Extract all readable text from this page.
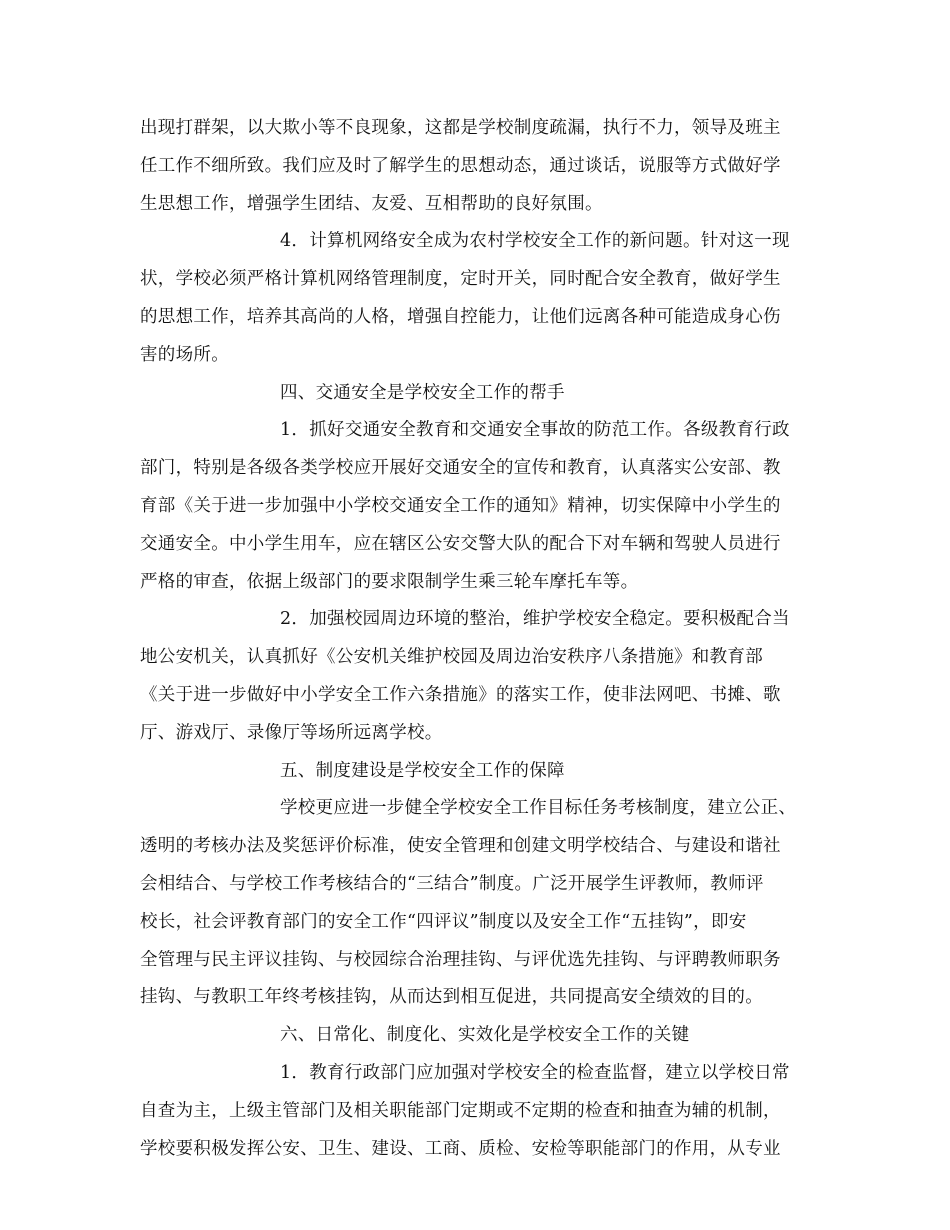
出现打群架，以大欺小等不良现象，这都是学校制度疏漏，执行不力，领导及班主
任工作不细所致。我们应及时了解学生的思想动态，通过谈话，说服等方式做好学
生思想工作，增强学生团结、友爱、互相帮助的良好氛围。
4．计算机网络安全成为农村学校安全工作的新问题。针对这一现
状，学校必须严格计算机网络管理制度，定时开关，同时配合安全教育，做好学生
的思想工作，培养其高尚的人格，增强自控能力，让他们远离各种可能造成身心伤
害的场所。
四、交通安全是学校安全工作的帮手
1．抓好交通安全教育和交通安全事故的防范工作。各级教育行政
部门，特别是各级各类学校应开展好交通安全的宣传和教育，认真落实公安部、教
育部《关于进一步加强中小学校交通安全工作的通知》精神，切实保障中小学生的
交通安全。中小学生用车，应在辖区公安交警大队的配合下对车辆和驾驶人员进行
严格的审查，依据上级部门的要求限制学生乘三轮车摩托车等。
2．加强校园周边环境的整治，维护学校安全稳定。要积极配合当
地公安机关，认真抓好《公安机关维护校园及周边治安秩序八条措施》和教育部
《关于进一步做好中小学安全工作六条措施》的落实工作，使非法网吧、书摊、歌
厅、游戏厅、录像厅等场所远离学校。
五、制度建设是学校安全工作的保障
学校更应进一步健全学校安全工作目标任务考核制度，建立公正、
透明的考核办法及奖惩评价标准，使安全管理和创建文明学校结合、与建设和谐社
会相结合、与学校工作考核结合的“三结合”制度。广泛开展学生评教师，教师评
校长，社会评教育部门的安全工作“四评议”制度以及安全工作“五挂钩”，即安
全管理与民主评议挂钩、与校园综合治理挂钩、与评优选先挂钩、与评聘教师职务
挂钩、与教职工年终考核挂钩，从而达到相互促进，共同提高安全绩效的目的。
六、日常化、制度化、实效化是学校安全工作的关键
1．教育行政部门应加强对学校安全的检查监督，建立以学校日常
自查为主，上级主管部门及相关职能部门定期或不定期的检查和抽查为辅的机制，
学校要积极发挥公安、卫生、建设、工商、质检、安检等职能部门的作用，从专业
